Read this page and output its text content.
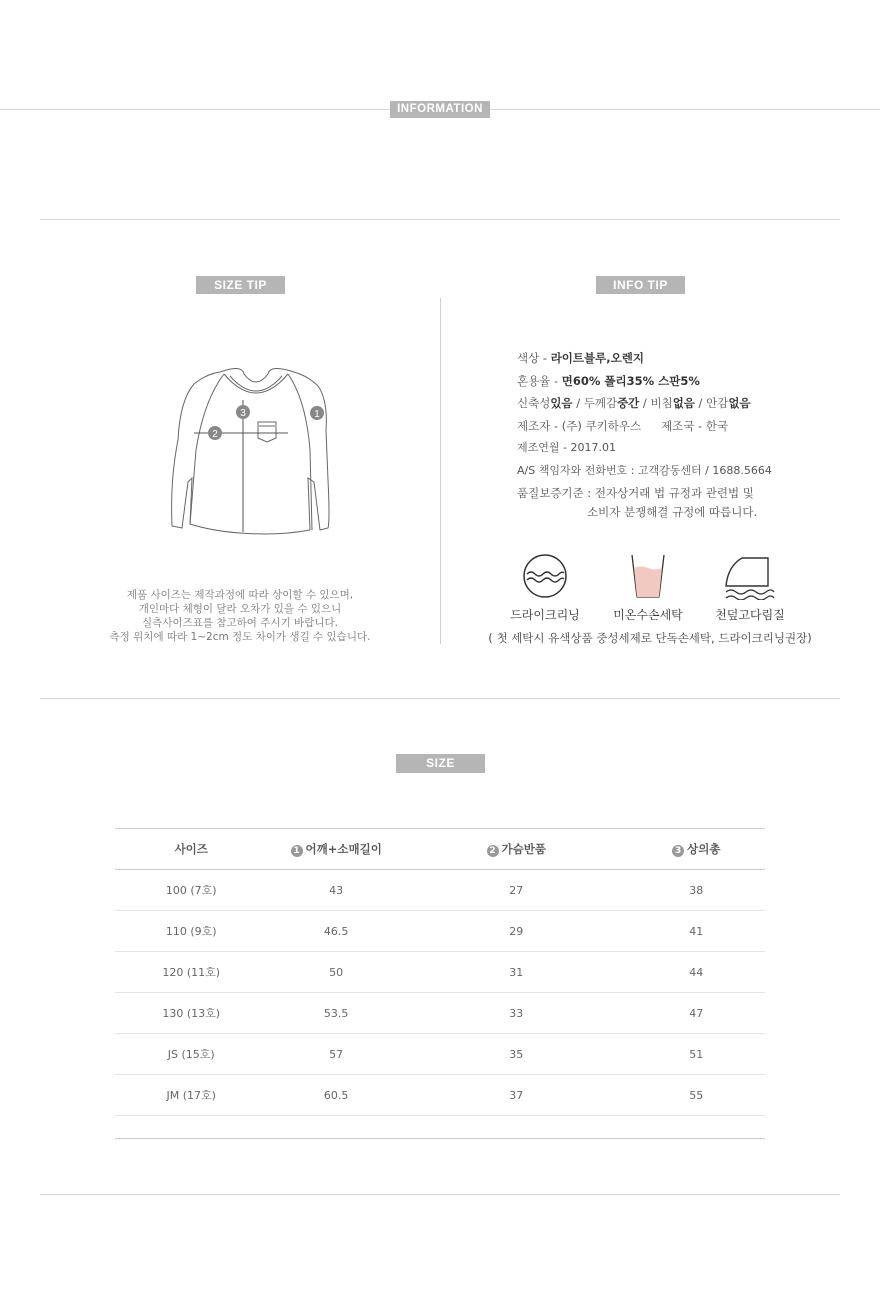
INFORMATION
SIZE TIP
1
2
3
제품 사이즈는 제작과정에 따라 상이할 수 있으며,
개인마다 체형이 달라 오차가 있을 수 있으니
실측사이즈표를 참고하여 주시기 바랍니다.
측정 위치에 따라 1~2cm 정도 차이가 생길 수 있습니다.
INFO TIP
색상 - 라이트블루,오렌지
혼용율 - 면60% 폴리35% 스판5%
신축성있음 / 두께감중간 / 비침없음 / 안감없음
제조자 - (주) 쿠키하우스 제조국 - 한국
제조연월 - 2017.01
A/S 책임자와 전화번호 : 고객감동센터 / 1688.5664
품질보증기준 : 전자상거래 법 규정과 관련법 및
소비자 분쟁해결 규정에 따릅니다.
드라이크리닝	미온수손세탁	천덮고다림질
( 첫 세탁시 유색상품 중성세제로 단독손세탁, 드라이크리닝권장)
SIZE
사이즈	1 어깨+소매길이	2 가슴반품	3 상의총
100 (7호)	43	27	38
110 (9호)	46.5	29	41
120 (11호)	50	31	44
130 (13호)	53.5	33	47
JS (15호)	57	35	51
JM (17호)	60.5	37	55
